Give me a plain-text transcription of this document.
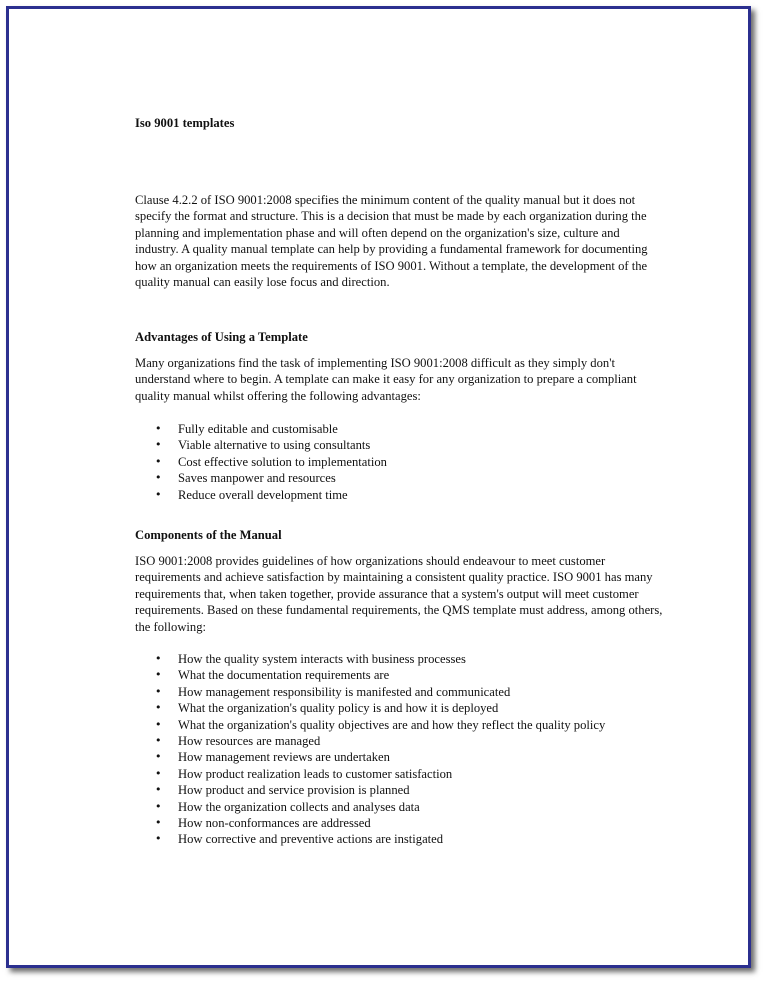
Iso 9001 templates

Clause 4.2.2 of ISO 9001:2008 specifies the minimum content of the quality manual but it does not specify the format and structure. This is a decision that must be made by each organization during the planning and implementation phase and will often depend on the organization's size, culture and industry. A quality manual template can help by providing a fundamental framework for documenting how an organization meets the requirements of ISO 9001. Without a template, the development of the quality manual can easily lose focus and direction.

Advantages of Using a Template

Many organizations find the task of implementing ISO 9001:2008 difficult as they simply don't understand where to begin. A template can make it easy for any organization to prepare a compliant quality manual whilst offering the following advantages:

• Fully editable and customisable
• Viable alternative to using consultants
• Cost effective solution to implementation
• Saves manpower and resources
• Reduce overall development time
Components of the Manual

ISO 9001:2008 provides guidelines of how organizations should endeavour to meet customer requirements and achieve satisfaction by maintaining a consistent quality practice. ISO 9001 has many requirements that, when taken together, provide assurance that a system's output will meet customer requirements. Based on these fundamental requirements, the QMS template must address, among others, the following:

• How the quality system interacts with business processes
• What the documentation requirements are
• How management responsibility is manifested and communicated
• What the organization's quality policy is and how it is deployed
• What the organization's quality objectives are and how they reflect the quality policy
• How resources are managed
• How management reviews are undertaken
• How product realization leads to customer satisfaction
• How product and service provision is planned
• How the organization collects and analyses data
• How non-conformances are addressed
• How corrective and preventive actions are instigated
